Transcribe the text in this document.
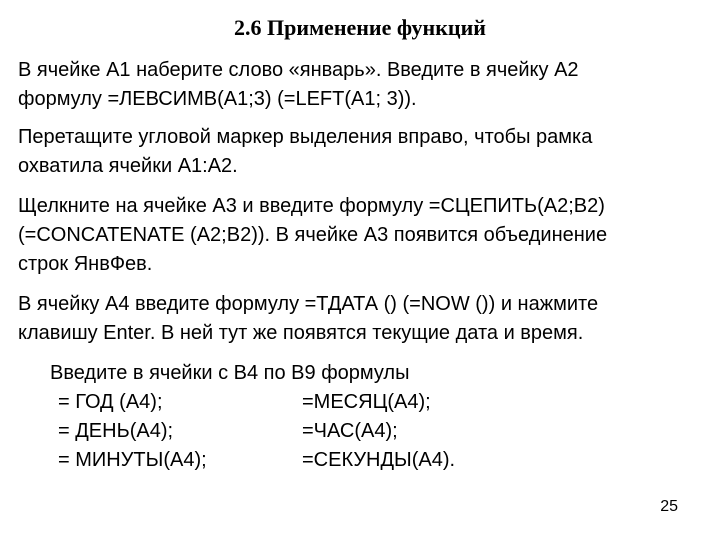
2.6 Применение функций

В ячейке А1 наберите слово «январь». Введите в ячейку А2
формулу =ЛЕВСИМВ(A1;3) (=LEFT(A1; 3)).

Перетащите угловой маркер выделения вправо, чтобы рамка
охватила ячейки А1:А2.

Щелкните на ячейке А3 и введите формулу =СЦЕПИТЬ(A2;B2)
(=CONCATENATE (A2;B2)). В ячейке А3 появится объединение
строк ЯнвФев.

В ячейку А4 введите формулу =ТДАТА () (=NOW ()) и нажмите
клавишу Enter. В ней тут же появятся текущие дата и время.

Введите в ячейки с В4 по В9 формулы
= ГОД (А4);	=МЕСЯЦ(А4);
= ДЕНЬ(А4);	=ЧАС(А4);
= МИНУТЫ(А4);	=СЕКУНДЫ(А4).
25
